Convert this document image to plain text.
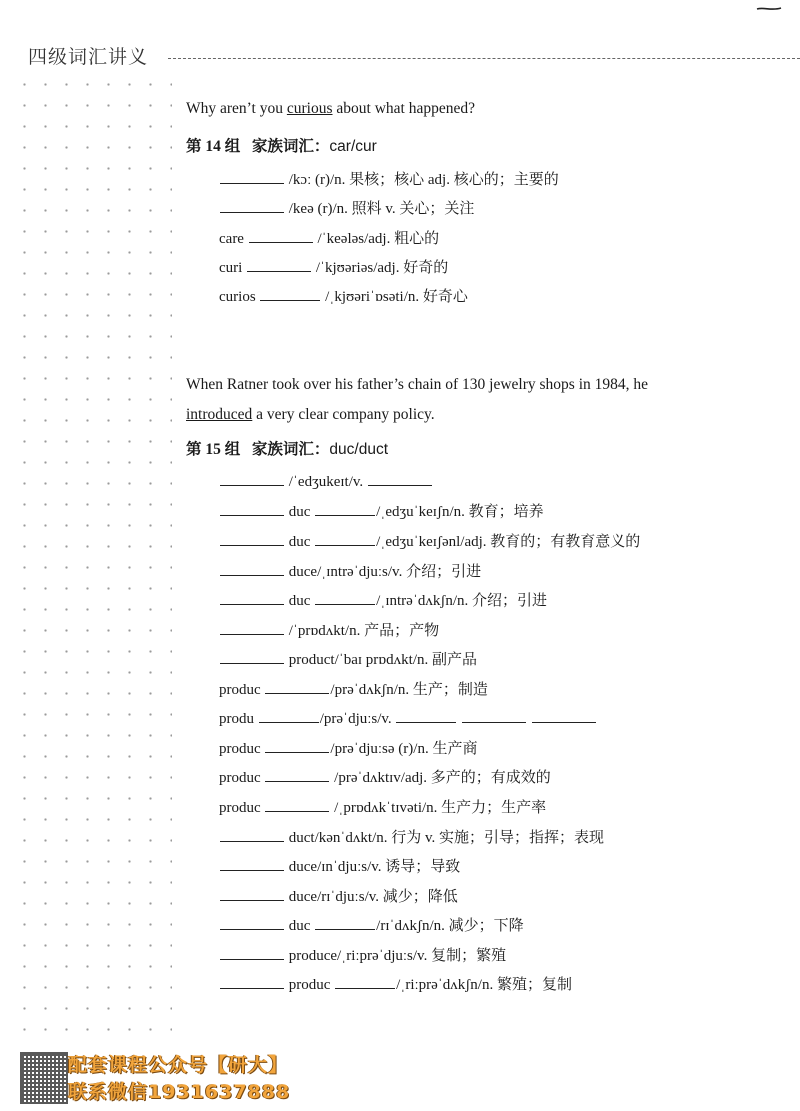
四级词汇讲义
Why aren’t you curious about what happened?
第 14 组 家族词汇：car/cur
/kɔː (r)/n. 果核；核心 adj. 核心的；主要的
/keə (r)/n. 照料 v. 关心；关注
care	/ˈkeələs/adj. 粗心的
curi	/ˈkjʊəriəs/adj. 好奇的
curios	/ˌkjʊəriˈɒsəti/n. 好奇心
When Ratner took over his father’s chain of 130 jewelry shops in 1984, he
introduced a very clear company policy.
第 15 组 家族词汇：duc/duct
/ˈedʒukeɪt/v.
duc	/ˌedʒuˈkeɪʃn/n. 教育；培养
duc	/ˌedʒuˈkeɪʃənl/adj. 教育的；有教育意义的
duce/ˌɪntrəˈdjuːs/v. 介绍；引进
duc	/ˌɪntrəˈdʌkʃn/n. 介绍；引进
/ˈprɒdʌkt/n. 产品；产物
product/ˈbaɪ prɒdʌkt/n. 副产品
produc	/prəˈdʌkʃn/n. 生产；制造
produ	/prəˈdjuːs/v.
produc	/prəˈdjuːsə (r)/n. 生产商
produc	/prəˈdʌktɪv/adj. 多产的；有成效的
produc	/ˌprɒdʌkˈtɪvəti/n. 生产力；生产率
duct/kənˈdʌkt/n. 行为 v. 实施；引导；指挥；表现
duce/ɪnˈdjuːs/v. 诱导；导致
duce/rɪˈdjuːs/v. 减少；降低
duc	/rɪˈdʌkʃn/n. 减少；下降
produce/ˌriːprəˈdjuːs/v. 复制；繁殖
produc	/ˌriːprəˈdʌkʃn/n. 繁殖；复制
配套课程公众号【研大】
联系微信1931637888
